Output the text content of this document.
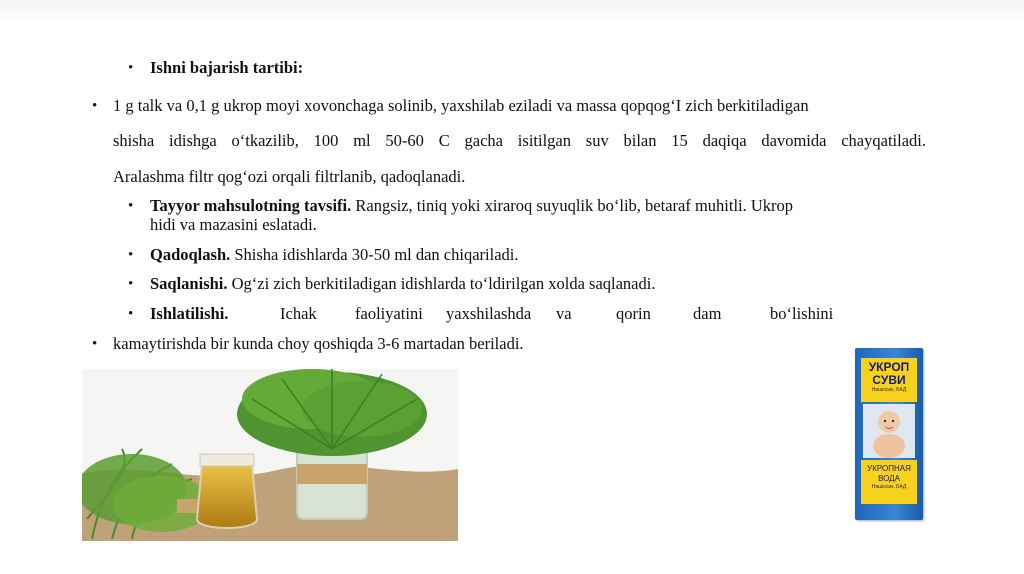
• Ishni bajarish tartibi:
• 1 g talk va 0,1 g ukrop moyi xovonchaga solinib, yaxshilab eziladi va massa qopqog‘I zich berkitiladigan
shisha idishga o‘tkazilib, 100 ml 50-60 C gacha isitilgan suv bilan 15 daqiqa davomida chayqatiladi.
Aralashma filtr qog‘ozi orqali filtrlanib, qadoqlanadi.
• Tayyor mahsulotning tavsifi. Rangsiz, tiniq yoki xiraroq suyuqlik bo‘lib, betaraf muhitli. Ukrop
hidi va mazasini eslatadi.
• Qadoqlash. Shisha idishlarda 30-50 ml dan chiqariladi.
• Saqlanishi. Og‘zi zich berkitiladigan idishlarda to‘ldirilgan xolda saqlanadi.
• Ishlatilishi.	Ichak faoliyatini yaxshilashda va	qorin	dam	bo‘lishini
• kamaytirishda bir kunda choy qoshiqda 3-6 martadan beriladi.
УКРОП
СУВИ
Нишюсик, БАД
УКРОПНАЯ
ВОДА
Нашюсик, БАД
